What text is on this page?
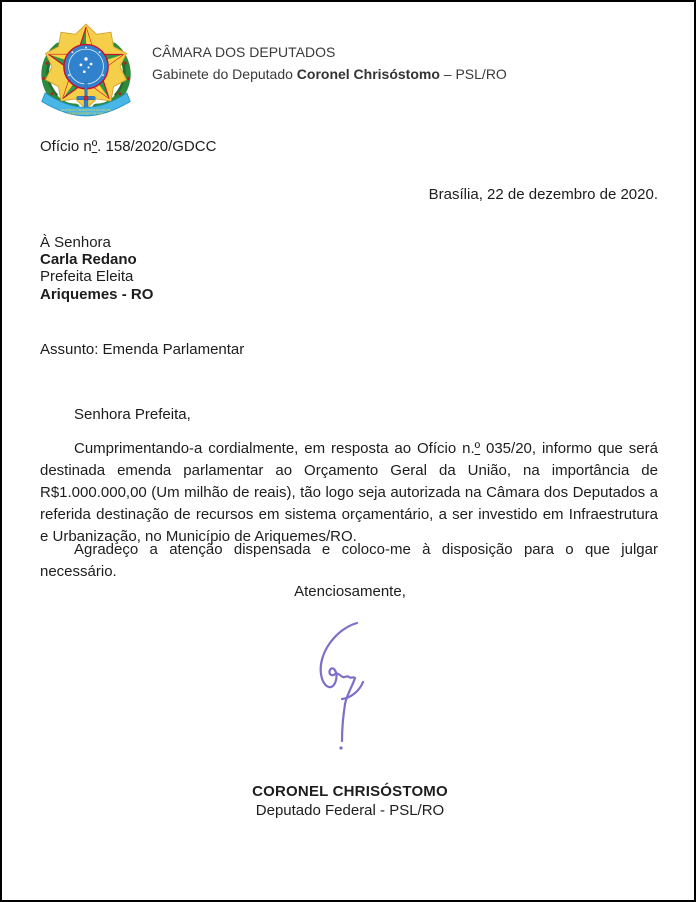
REPÚBLICA FEDERATIVA DO BRASIL
15 DE NOVEMBRO DE 1889
CÂMARA DOS DEPUTADOS
Gabinete do Deputado Coronel Chrisóstomo – PSL/RO
Ofício nº. 158/2020/GDCC
Brasília, 22 de dezembro de 2020.
À Senhora
Carla Redano
Prefeita Eleita
Ariquemes - RO
Assunto: Emenda Parlamentar
Senhora Prefeita,
Cumprimentando-a cordialmente, em resposta ao Ofício n.º 035/20, informo que será destinada emenda parlamentar ao Orçamento Geral da União, na importância de R$1.000.000,00 (Um milhão de reais), tão logo seja autorizada na Câmara dos Deputados a referida destinação de recursos em sistema orçamentário, a ser investido em Infraestrutura e Urbanização, no Município de Ariquemes/RO.
Agradeço a atenção dispensada e coloco-me à disposição para o que julgar necessário.
Atenciosamente,
CORONEL CHRISÓSTOMO
Deputado Federal - PSL/RO
